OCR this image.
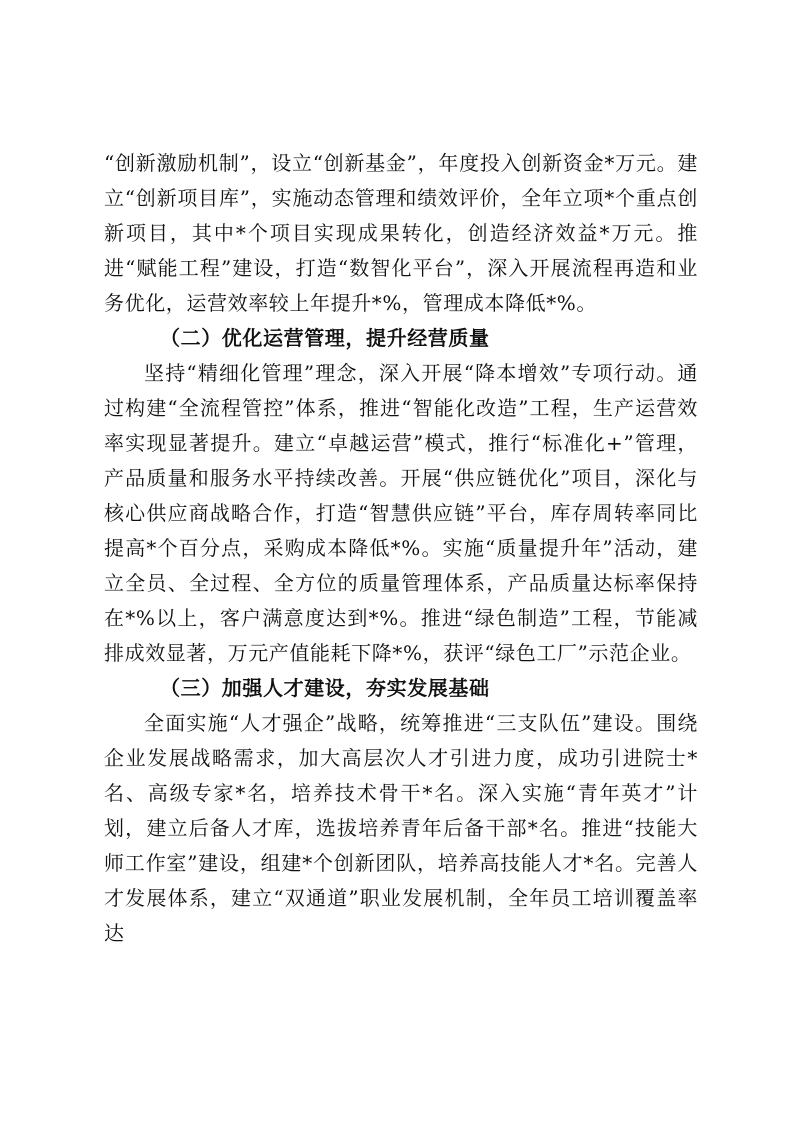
“创新激励机制”，设立“创新基金”，年度投入创新资金*万元。建立“创新项目库”，实施动态管理和绩效评价，全年立项*个重点创新项目，其中*个项目实现成果转化，创造经济效益*万元。推进“赋能工程”建设，打造“数智化平台”，深入开展流程再造和业务优化，运营效率较上年提升*%，管理成本降低*%。

（二）优化运营管理，提升经营质量

坚持“精细化管理”理念，深入开展“降本增效”专项行动。通过构建“全流程管控”体系，推进“智能化改造”工程，生产运营效率实现显著提升。建立“卓越运营”模式，推行“标准化+”管理，产品质量和服务水平持续改善。开展“供应链优化”项目，深化与核心供应商战略合作，打造“智慧供应链”平台，库存周转率同比提高*个百分点，采购成本降低*%。实施“质量提升年”活动，建立全员、全过程、全方位的质量管理体系，产品质量达标率保持在*%以上，客户满意度达到*%。推进“绿色制造”工程，节能减排成效显著，万元产值能耗下降*%，获评“绿色工厂”示范企业。

（三）加强人才建设，夯实发展基础

全面实施“人才强企”战略，统筹推进“三支队伍”建设。围绕企业发展战略需求，加大高层次人才引进力度，成功引进院士*名、高级专家*名，培养技术骨干*名。深入实施“青年英才”计划，建立后备人才库，选拔培养青年后备干部*名。推进“技能大师工作室”建设，组建*个创新团队，培养高技能人才*名。完善人才发展体系，建立“双通道”职业发展机制，全年员工培训覆盖率达
